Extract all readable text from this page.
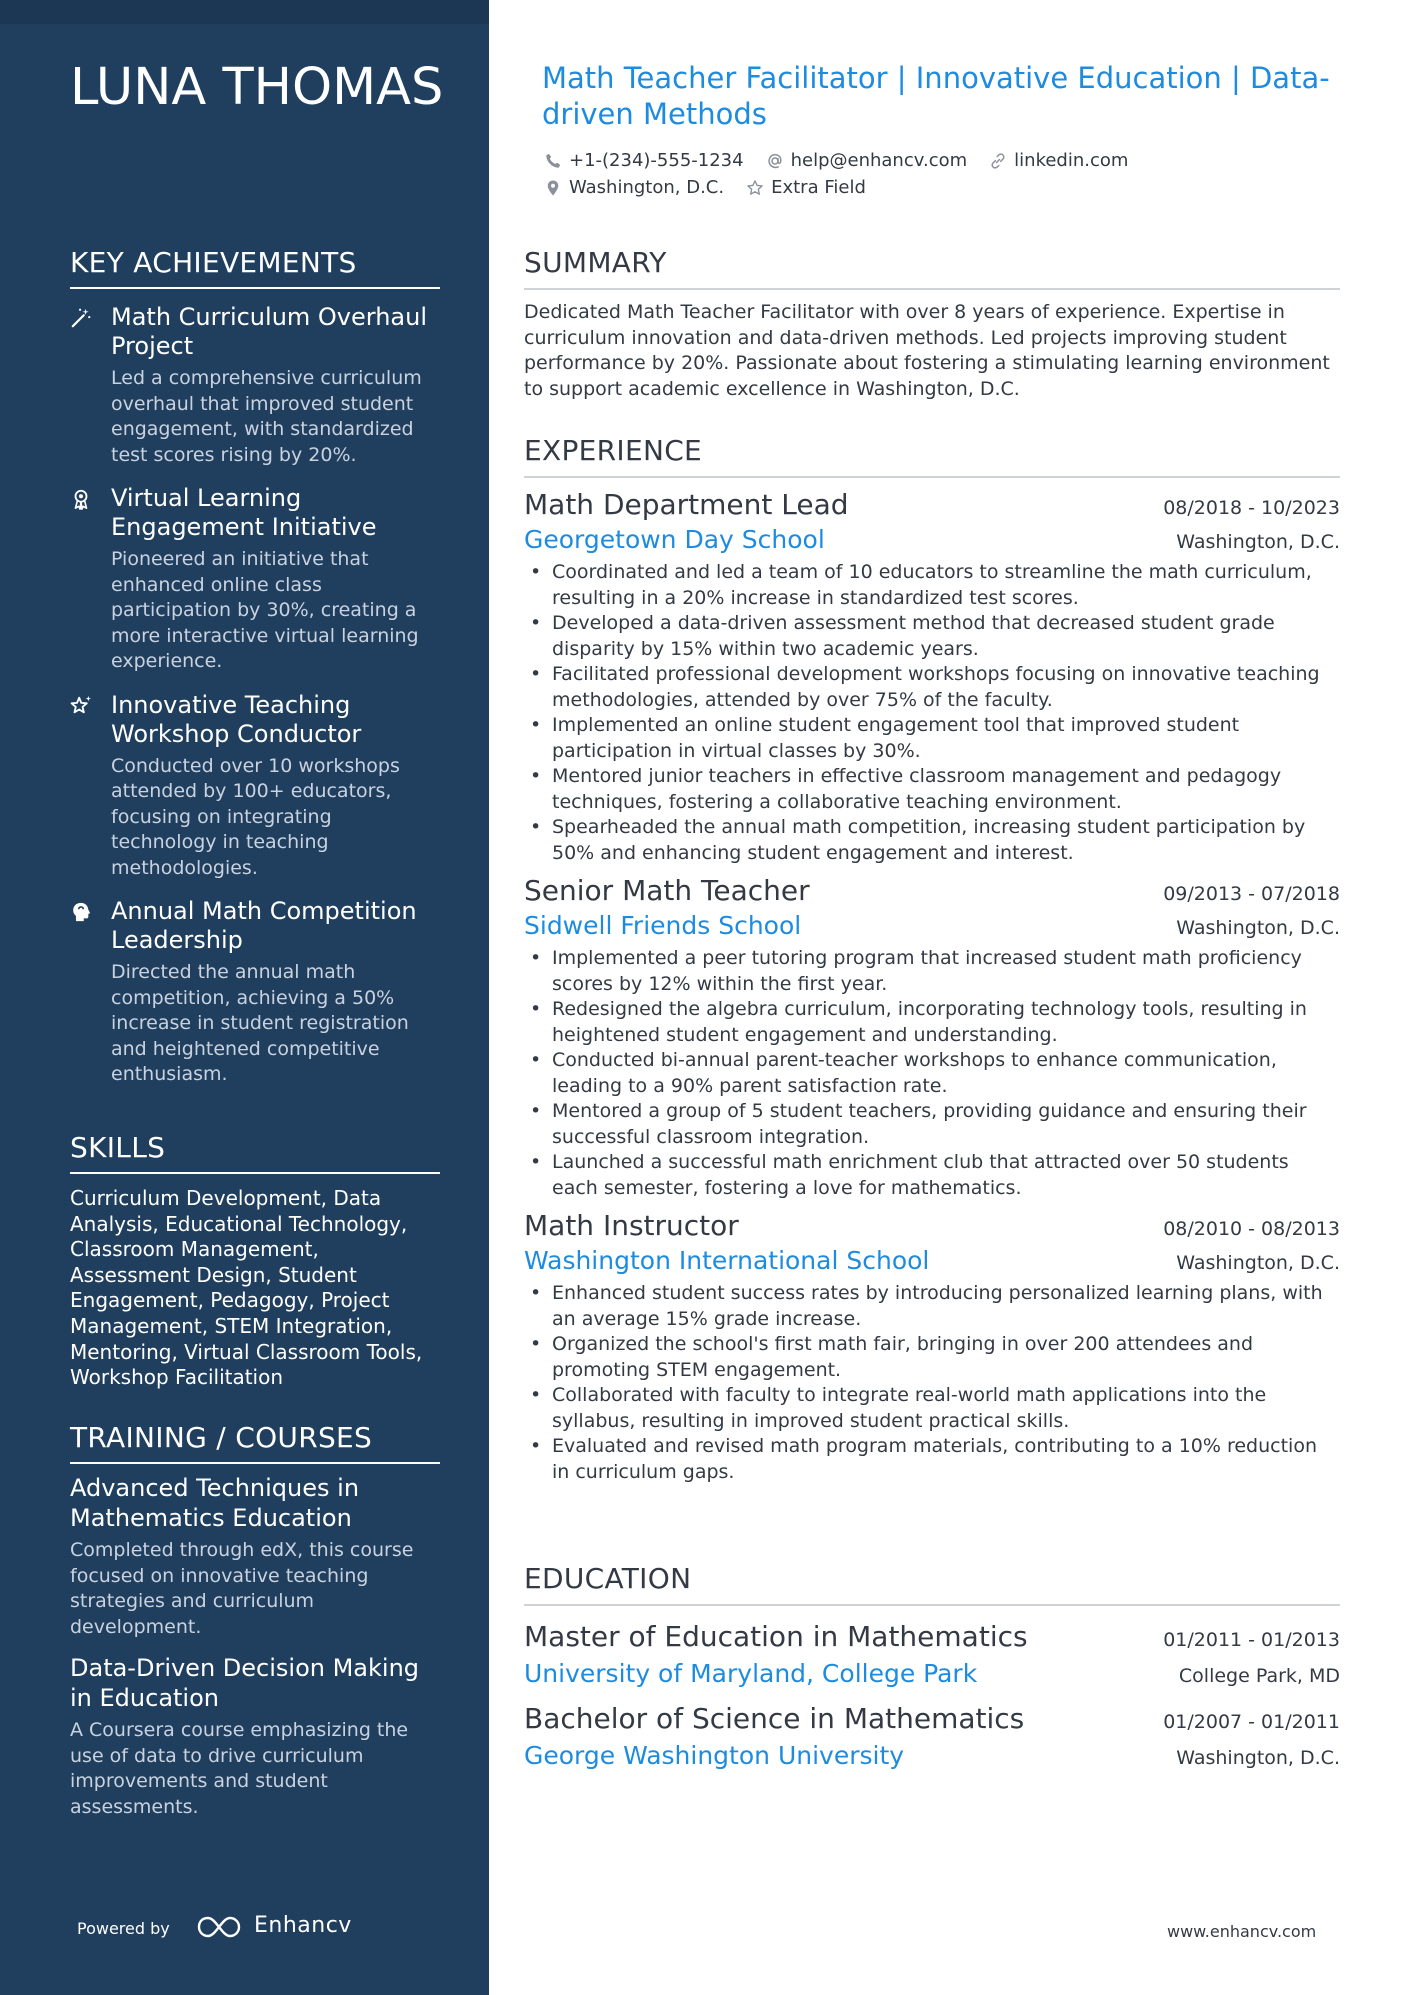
LUNA THOMAS
KEY ACHIEVEMENTS
Math Curriculum Overhaul Project
Led a comprehensive curriculum overhaul that improved student engagement, with standardized test scores rising by 20%.
Virtual Learning Engagement Initiative
Pioneered an initiative that enhanced online class participation by 30%, creating a more interactive virtual learning experience.
Innovative Teaching Workshop Conductor
Conducted over 10 workshops attended by 100+ educators, focusing on integrating technology in teaching methodologies.
Annual Math Competition Leadership
Directed the annual math competition, achieving a 50% increase in student registration and heightened competitive enthusiasm.
SKILLS
Curriculum Development, Data Analysis, Educational Technology, Classroom Management, Assessment Design, Student Engagement, Pedagogy, Project Management, STEM Integration, Mentoring, Virtual Classroom Tools, Workshop Facilitation
TRAINING / COURSES
Advanced Techniques in Mathematics Education
Completed through edX, this course focused on innovative teaching strategies and curriculum development.
Data-Driven Decision Making in Education
A Coursera course emphasizing the use of data to drive curriculum improvements and student assessments.
Powered by	Enhancv
Math Teacher Facilitator | Innovative Education | Data-driven Methods
+1-(234)-555-1234	help@enhancv.com	linkedin.com
Washington, D.C.	Extra Field
SUMMARY
Dedicated Math Teacher Facilitator with over 8 years of experience. Expertise in curriculum innovation and data-driven methods. Led projects improving student performance by 20%. Passionate about fostering a stimulating learning environment to support academic excellence in Washington, D.C.
EXPERIENCE
Math Department Lead	08/2018 - 10/2023
Georgetown Day School	Washington, D.C.
• Coordinated and led a team of 10 educators to streamline the math curriculum, resulting in a 20% increase in standardized test scores.
• Developed a data-driven assessment method that decreased student grade disparity by 15% within two academic years.
• Facilitated professional development workshops focusing on innovative teaching methodologies, attended by over 75% of the faculty.
• Implemented an online student engagement tool that improved student participation in virtual classes by 30%.
• Mentored junior teachers in effective classroom management and pedagogy techniques, fostering a collaborative teaching environment.
• Spearheaded the annual math competition, increasing student participation by 50% and enhancing student engagement and interest.
Senior Math Teacher	09/2013 - 07/2018
Sidwell Friends School	Washington, D.C.
• Implemented a peer tutoring program that increased student math proficiency scores by 12% within the first year.
• Redesigned the algebra curriculum, incorporating technology tools, resulting in heightened student engagement and understanding.
• Conducted bi-annual parent-teacher workshops to enhance communication, leading to a 90% parent satisfaction rate.
• Mentored a group of 5 student teachers, providing guidance and ensuring their successful classroom integration.
• Launched a successful math enrichment club that attracted over 50 students each semester, fostering a love for mathematics.
Math Instructor	08/2010 - 08/2013
Washington International School	Washington, D.C.
• Enhanced student success rates by introducing personalized learning plans, with an average 15% grade increase.
• Organized the school's first math fair, bringing in over 200 attendees and promoting STEM engagement.
• Collaborated with faculty to integrate real-world math applications into the syllabus, resulting in improved student practical skills.
• Evaluated and revised math program materials, contributing to a 10% reduction in curriculum gaps.
EDUCATION
Master of Education in Mathematics	01/2011 - 01/2013
University of Maryland, College Park	College Park, MD
Bachelor of Science in Mathematics	01/2007 - 01/2011
George Washington University	Washington, D.C.
www.enhancv.com
